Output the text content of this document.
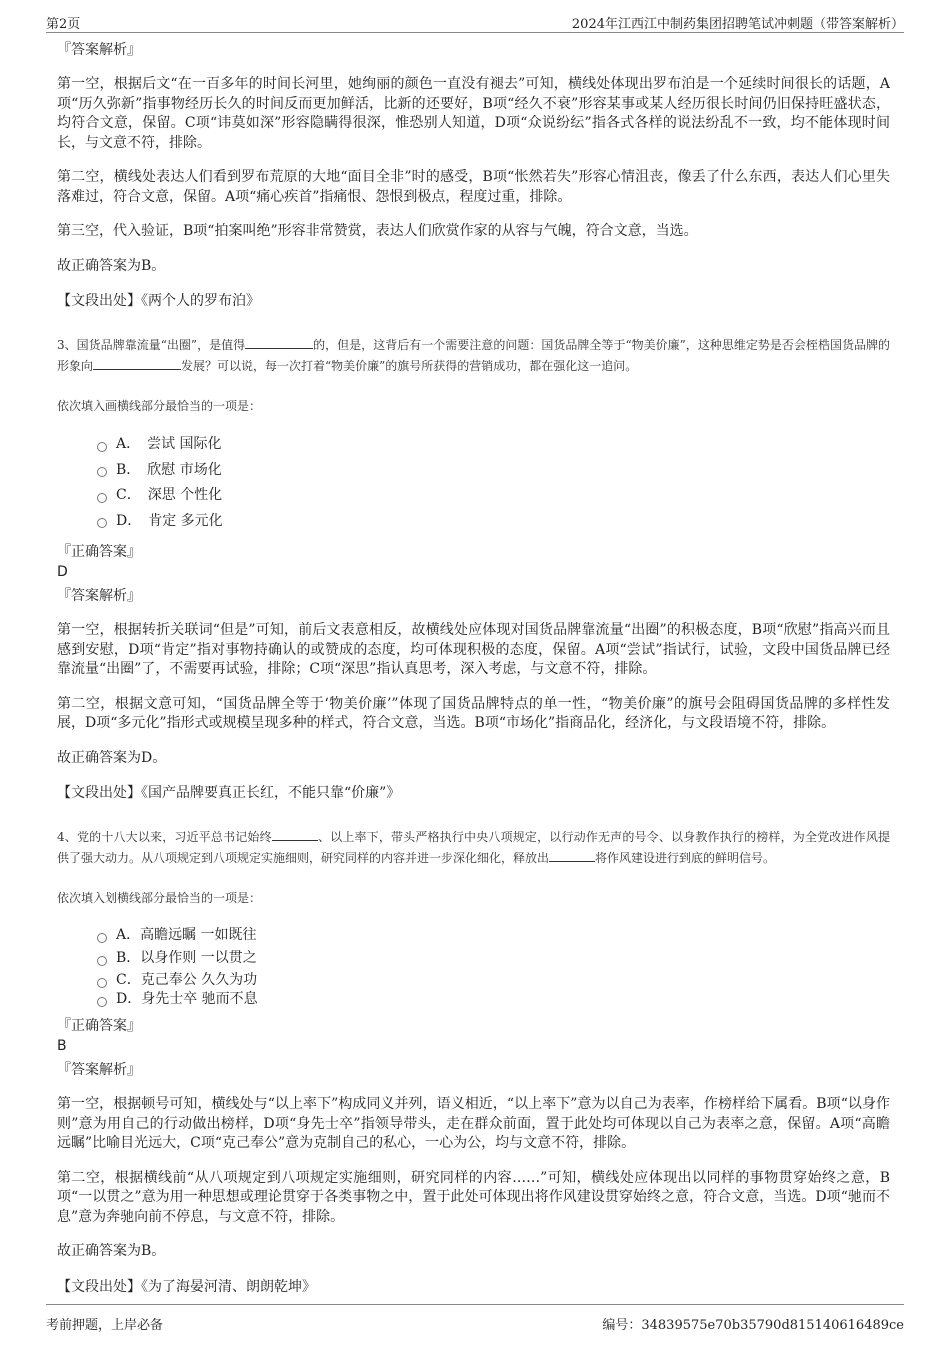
第2页	2024年江西江中制药集团招聘笔试冲刺题（带答案解析）

『答案解析』

第一空，根据后文“在一百多年的时间长河里，她绚丽的颜色一直没有褪去”可知，横线处体现出罗布泊是一个延续时间很长的话题，A项“历久弥新”指事物经历长久的时间反而更加鲜活，比新的还要好，B项“经久不衰”形容某事或某人经历很长时间仍旧保持旺盛状态，均符合文意，保留。C项“讳莫如深”形容隐瞒得很深，惟恐别人知道，D项“众说纷纭”指各式各样的说法纷乱不一致，均不能体现时间长，与文意不符，排除。

第二空，横线处表达人们看到罗布荒原的大地“面目全非”时的感受，B项“怅然若失”形容心情沮丧，像丢了什么东西，表达人们心里失落难过，符合文意，保留。A项“痛心疾首”指痛恨、怨恨到极点，程度过重，排除。

第三空，代入验证，B项“拍案叫绝”形容非常赞赏，表达人们欣赏作家的从容与气魄，符合文意，当选。

故正确答案为B。

【文段出处】《两个人的罗布泊》

3、国货品牌靠流量“出圈”，是值得	的，但是，这背后有一个需要注意的问题：国货品牌全等于“物美价廉”，这种思维定势是否会桎梏国货品牌的形象向	发展？可以说，每一次打着“物美价廉”的旗号所获得的营销成功，都在强化这一追问。

依次填入画横线部分最恰当的一项是：

A．　尝试 国际化
B．　欣慰 市场化
C．　深思 个性化
D．　肯定 多元化

『正确答案』

D

『答案解析』

第一空，根据转折关联词“但是”可知，前后文表意相反，故横线处应体现对国货品牌靠流量“出圈”的积极态度，B项“欣慰”指高兴而且感到安慰，D项“肯定”指对事物持确认的或赞成的态度，均可体现积极的态度，保留。A项“尝试”指试行，试验，文段中国货品牌已经靠流量“出圈”了，不需要再试验，排除；C项“深思”指认真思考，深入考虑，与文意不符，排除。

第二空，根据文意可知，“国货品牌全等于‘物美价廉’”体现了国货品牌特点的单一性，“物美价廉”的旗号会阻碍国货品牌的多样性发展，D项“多元化”指形式或规模呈现多种的样式，符合文意，当选。B项“市场化”指商品化，经济化，与文段语境不符，排除。

故正确答案为D。

【文段出处】《国产品牌要真正长红，不能只靠“价廉”》

4、党的十八大以来，习近平总书记始终	、以上率下，带头严格执行中央八项规定，以行动作无声的号令、以身教作执行的榜样，为全党改进作风提供了强大动力。从八项规定到八项规定实施细则，研究同样的内容并进一步深化细化，释放出	将作风建设进行到底的鲜明信号。

依次填入划横线部分最恰当的一项是：

A．高瞻远瞩 一如既往
B．以身作则 一以贯之
C．克己奉公 久久为功
D．身先士卒 驰而不息

『正确答案』

B

『答案解析』

第一空，根据顿号可知，横线处与“以上率下”构成同义并列，语义相近，“以上率下”意为以自己为表率，作榜样给下属看。B项“以身作则”意为用自己的行动做出榜样，D项“身先士卒”指领导带头，走在群众前面，置于此处均可体现以自己为表率之意，保留。A项“高瞻远瞩”比喻目光远大，C项“克己奉公”意为克制自己的私心，一心为公，均与文意不符，排除。

第二空，根据横线前“从八项规定到八项规定实施细则，研究同样的内容……”可知，横线处应体现出以同样的事物贯穿始终之意，B项“一以贯之”意为用一种思想或理论贯穿于各类事物之中，置于此处可体现出将作风建设贯穿始终之意，符合文意，当选。D项“驰而不息”意为奔驰向前不停息，与文意不符，排除。

故正确答案为B。

【文段出处】《为了海晏河清、朗朗乾坤》

考前押题，上岸必备	编号：34839575e70b35790d815140616489ce
